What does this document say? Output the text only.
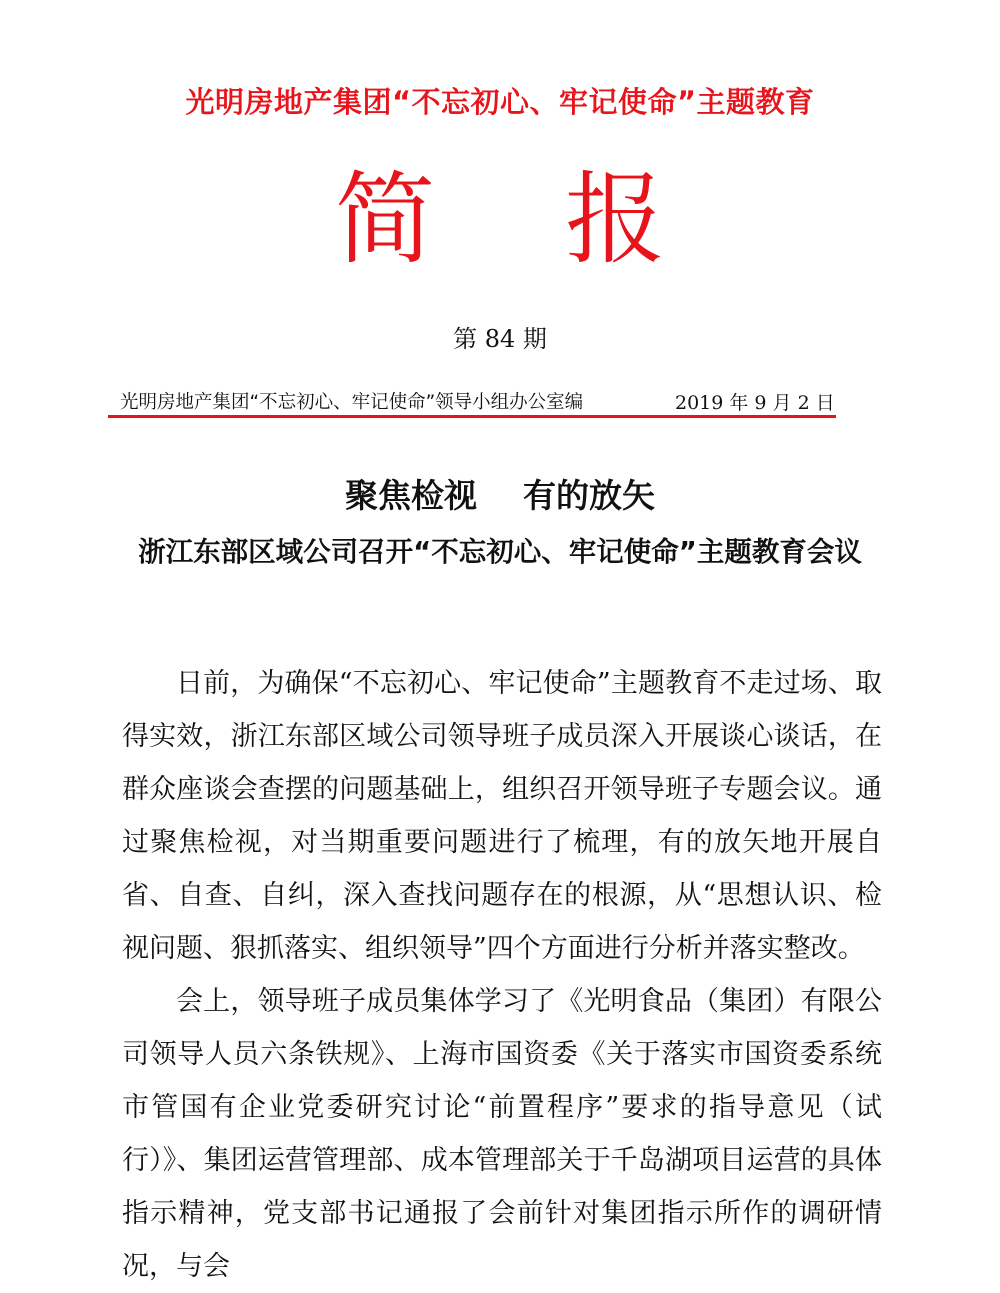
光明房地产集团“不忘初心、牢记使命”主题教育
简 报
第 84 期
光明房地产集团“不忘初心、牢记使命”领导小组办公室编	2019 年 9 月 2 日
聚焦检视    有的放矢
浙江东部区域公司召开“不忘初心、牢记使命”主题教育会议

日前，为确保“不忘初心、牢记使命”主题教育不走过场、取得实效，浙江东部区域公司领导班子成员深入开展谈心谈话，在群众座谈会查摆的问题基础上，组织召开领导班子专题会议。通过聚焦检视，对当期重要问题进行了梳理，有的放矢地开展自省、自查、自纠，深入查找问题存在的根源，从“思想认识、检视问题、狠抓落实、组织领导”四个方面进行分析并落实整改。

会上，领导班子成员集体学习了《光明食品（集团）有限公司领导人员六条铁规》、上海市国资委《关于落实市国资委系统市管国有企业党委研究讨论“前置程序”要求的指导意见（试行）》、集团运营管理部、成本管理部关于千岛湖项目运营的具体指示精神，党支部书记通报了会前针对集团指示所作的调研情况，与会
